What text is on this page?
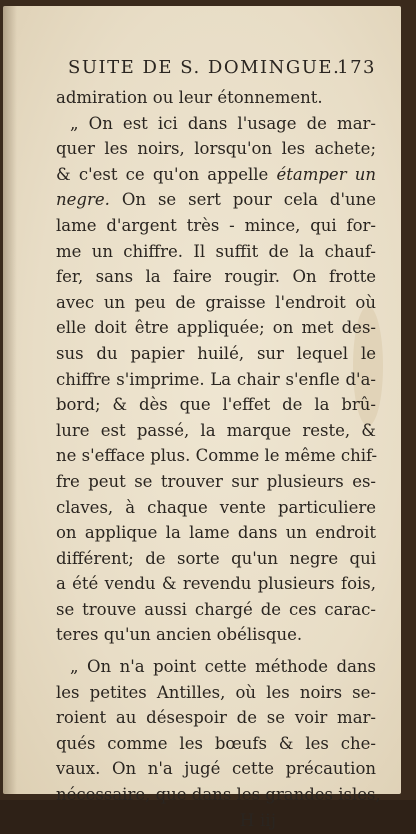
SUITE DE S. DOMINGUE.
173
admiration ou leur étonnement.
„ On est ici dans l'usage de mar-
quer les noirs, lorsqu'on les achete;
& c'est ce qu'on appelle étamper un
negre. On se sert pour cela d'une
lame d'argent très - mince, qui for-
me un chiffre. Il suffit de la chauf-
fer, sans la faire rougir. On frotte
avec un peu de graisse l'endroit où
elle doit être appliquée; on met des-
sus du papier huilé, sur lequel le
chiffre s'imprime. La chair s'enfle d'a-
bord; & dès que l'effet de la brû-
lure est passé, la marque reste, &
ne s'efface plus. Comme le même chif-
fre peut se trouver sur plusieurs es-
claves, à chaque vente particuliere
on applique la lame dans un endroit
différent; de sorte qu'un negre qui
a été vendu & revendu plusieurs fois,
se trouve aussi chargé de ces carac-
teres qu'un ancien obélisque.
„ On n'a point cette méthode dans
les petites Antilles, où les noirs se-
roient au désespoir de se voir mar-
qués comme les bœufs & les che-
vaux. On n'a jugé cette précaution
nécessaire, que dans les grandes isles,
H iij
